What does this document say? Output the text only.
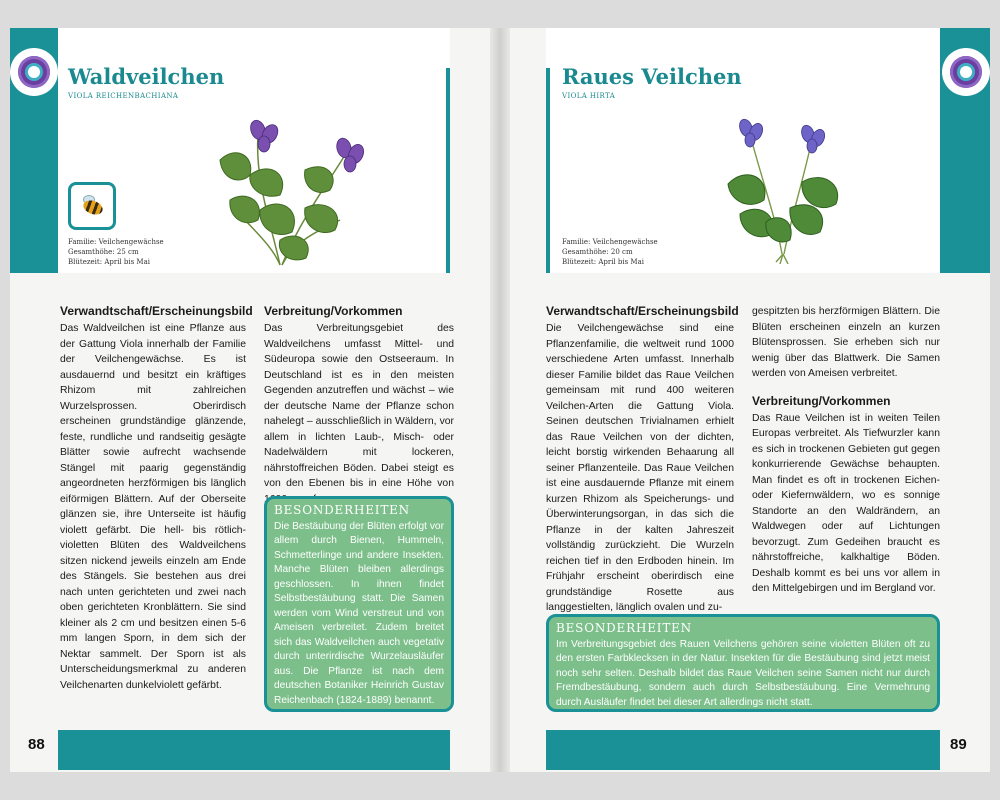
Waldveilchen
VIOLA REICHENBACHIANA
Familie: Veilchengewächse
Gesamthöhe: 25 cm
Blütezeit: April bis Mai
Verwandtschaft/Erscheinungsbild

Das Waldveilchen ist eine Pflanze aus der Gattung Viola innerhalb der Familie der Veilchengewächse. Es ist ausdauernd und besitzt ein kräftiges Rhizom mit zahlreichen Wurzelsprossen. Oberirdisch erscheinen grundständige glänzende, feste, rundliche und randseitig gesägte Blätter sowie aufrecht wachsende Stängel mit paarig gegenständig angeordneten herzförmigen bis länglich eiförmigen Blättern. Auf der Oberseite glänzen sie, ihre Unterseite ist häufig violett gefärbt. Die hell- bis rötlich-violetten Blüten des Waldveilchens sitzen nickend jeweils einzeln am Ende des Stängels. Sie bestehen aus drei nach unten gerichteten und zwei nach oben gerichteten Kronblättern. Sie sind kleiner als 2 cm und besitzen einen 5-6 mm langen Sporn, in dem sich der Nektar sammelt. Der Sporn ist als Unterscheidungsmerkmal zu anderen Veilchenarten dunkelviolett gefärbt.

Verbreitung/Vorkommen

Das Verbreitungsgebiet des Waldveilchens umfasst Mittel- und Südeuropa sowie den Ostseeraum. In Deutschland ist es in den meisten Gegenden anzutreffen und wächst – wie der deutsche Name der Pflanze schon nahelegt – ausschließlich in Wäldern, vor allem in lichten Laub-, Misch- oder Nadelwäldern mit lockeren, nährstoffreichen Böden. Dabei steigt es von den Ebenen bis in eine Höhe von

BESONDERHEITEN

Die Bestäubung der Blüten erfolgt vor allem durch Bienen, Hummeln, Schmetterlinge und andere Insekten. Manche Blüten bleiben allerdings geschlossen. In ihnen findet Selbstbestäubung statt. Die Samen werden vom Wind verstreut und von Ameisen verbreitet. Zudem breitet sich das Waldveilchen auch vegetativ durch unterirdische Wurzelausläufer aus. Die Pflanze ist nach dem deutschen Botaniker Heinrich Gustav Reichenbach (1824-1889) benannt.

88
Raues Veilchen
VIOLA HIRTA
Familie: Veilchengewächse
Gesamthöhe: 20 cm
Blütezeit: April bis Mai
Verwandtschaft/Erscheinungsbild

Die Veilchengewächse sind eine Pflanzenfamilie, die weltweit rund 1000 verschiedene Arten umfasst. Innerhalb dieser Familie bildet das Raue Veilchen gemeinsam mit rund 400 weiteren Veilchen-Arten die Gattung Viola. Seinen deutschen Trivialnamen erhielt das Raue Veilchen von der dichten, leicht borstig wirkenden Behaarung all seiner Pflanzenteile. Das Raue Veilchen ist eine ausdauernde Pflanze mit einem kurzen Rhizom als Speicherungs- und Überwinterungsorgan, in das sich die Pflanze in der kalten Jahreszeit vollständig zurückzieht. Die Wurzeln reichen tief in den Erdboden hinein. Im Frühjahr erscheint oberirdisch eine grundständige Rosette aus langgestielten, länglich ovalen und zu-

gespitzten bis herzförmigen Blättern. Die Blüten erscheinen einzeln an kurzen Blütensprossen. Sie erheben sich nur wenig über das Blattwerk. Die Samen werden von Ameisen verbreitet.

Verbreitung/Vorkommen

Das Raue Veilchen ist in weiten Teilen Europas verbreitet. Als Tiefwurzler kann es sich in trockenen Gebieten gut gegen konkurrierende Gewächse behaupten. Man findet es oft in trockenen Eichen- oder Kiefernwäldern, wo es sonnige Standorte an den Waldrändern, an Waldwegen oder auf Lichtungen bevorzugt. Zum Gedeihen braucht es nährstoffreiche, kalkhaltige Böden. Deshalb kommt es bei uns vor allem in den Mittelgebirgen und im Bergland vor.

BESONDERHEITEN

Im Verbreitungsgebiet des Rauen Veilchens gehören seine violetten Blüten oft zu den ersten Farbklecksen in der Natur. Insekten für die Bestäubung sind jetzt meist noch sehr selten. Deshalb bildet das Raue Veilchen seine Samen nicht nur durch Fremdbestäubung, sondern auch durch Selbstbestäubung. Eine Vermehrung durch Ausläufer findet bei dieser Art allerdings nicht statt.

89
